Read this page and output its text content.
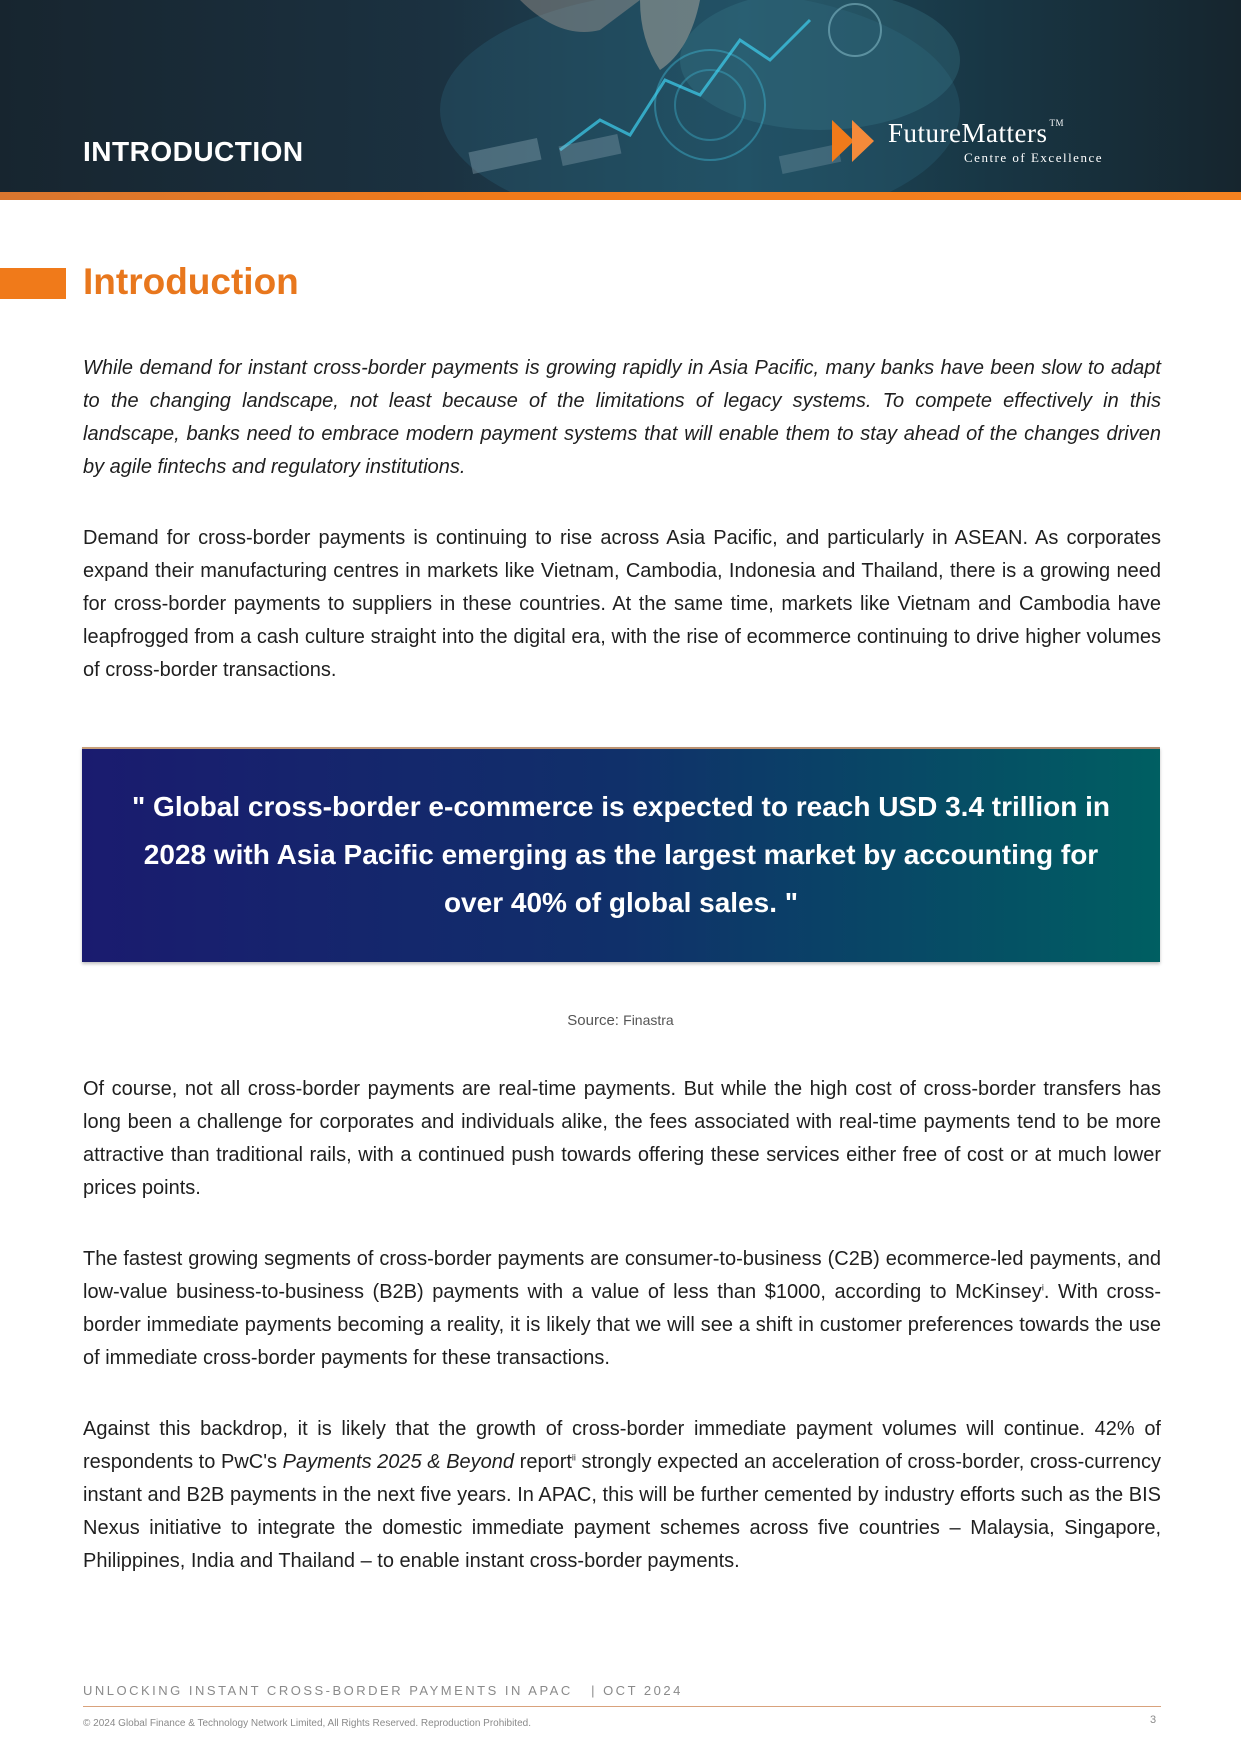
INTRODUCTION
FutureMatters ™
Centre of Excellence
Introduction

While demand for instant cross-border payments is growing rapidly in Asia Pacific, many banks have been slow to adapt to the changing landscape, not least because of the limitations of legacy systems. To compete effectively in this landscape, banks need to embrace modern payment systems that will enable them to stay ahead of the changes driven by agile fintechs and regulatory institutions.

Demand for cross-border payments is continuing to rise across Asia Pacific, and particularly in ASEAN. As corporates expand their manufacturing centres in markets like Vietnam, Cambodia, Indonesia and Thailand, there is a growing need for cross-border payments to suppliers in these countries. At the same time, markets like Vietnam and Cambodia have leapfrogged from a cash culture straight into the digital era, with the rise of ecommerce continuing to drive higher volumes of cross-border transactions.

" Global cross-border e-commerce is expected to reach USD 3.4 trillion in 2028 with Asia Pacific emerging as the largest market by accounting for over 40% of global sales. "

Source: Finastra

Of course, not all cross-border payments are real-time payments. But while the high cost of cross-border transfers has long been a challenge for corporates and individuals alike, the fees associated with real-time payments tend to be more attractive than traditional rails, with a continued push towards offering these services either free of cost or at much lower prices points.

The fastest growing segments of cross-border payments are consumer-to-business (C2B) ecommerce-led payments, and low-value business-to-business (B2B) payments with a value of less than $1000, according to McKinsey$^i$. With cross-border immediate payments becoming a reality, it is likely that we will see a shift in customer preferences towards the use of immediate cross-border payments for these transactions.

Against this backdrop, it is likely that the growth of cross-border immediate payment volumes will continue. 42% of respondents to PwC's Payments 2025 & Beyond report$^{ii}$ strongly expected an acceleration of cross-border, cross-currency instant and B2B payments in the next five years. In APAC, this will be further cemented by industry efforts such as the BIS Nexus initiative to integrate the domestic immediate payment schemes across five countries – Malaysia, Singapore, Philippines, India and Thailand – to enable instant cross-border payments.

UNLOCKING INSTANT CROSS-BORDER PAYMENTS IN APAC   | OCT 2024
© 2024 Global Finance & Technology Network Limited, All Rights Reserved. Reproduction Prohibited.	3
